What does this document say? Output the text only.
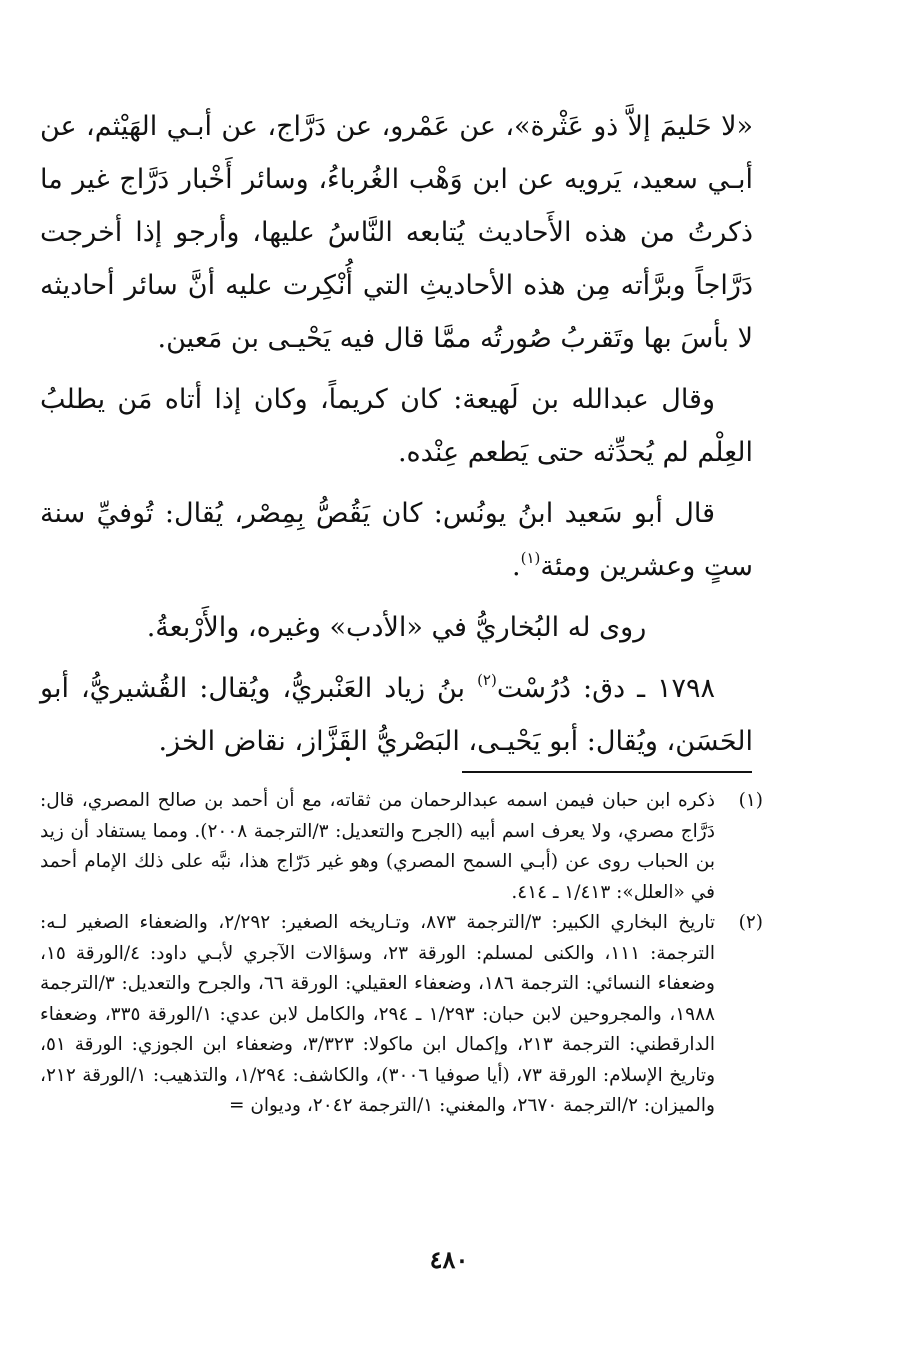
«لا حَليمَ إلاَّ ذو عَثْرة»، عن عَمْرو، عن دَرَّاج، عن أبـي الهَيْثم، عن أبـي سعيد، يَرويه عن ابن وَهْب الغُرباءُ، وسائر أَخْبار دَرَّاج غير ما ذكرتُ من هذه الأَحاديث يُتابعه النَّاسُ عليها، وأرجو إذا أخرجت دَرَّاجاً وبرَّأته مِن هذه الأحاديثِ التي أُنْكِرت عليه أنَّ سائر أحاديثه لا بأسَ بها وتَقربُ صُورتُه ممَّا قال فيه يَحْيـى بن مَعين.

وقال عبدالله بن لَهيعة: كان كريماً، وكان إذا أتاه مَن يطلبُ العِلْم لم يُحدِّثه حتى يَطعم عِنْده.

قال أبو سَعيد ابنُ يونُس: كان يَقُصُّ بِمِصْر، يُقال: تُوفيِّ سنة ستٍ وعشرين ومئة$^{(١)}$.

روى له البُخاريُّ في «الأدب» وغيره، والأَرْبعةُ.

١٧٩٨ ـ دق: دُرُسْت$^{(٢)}$ بنُ زياد العَنْبريُّ، ويُقال: القُشيريُّ، أبو الحَسَن، ويُقال: أبو يَحْيـى، البَصْريُّ القَزَّاز، نقاض الخز.

(١)
ذكره ابن حبان فيمن اسمه عبدالرحمان من ثقاته، مع أن أحمد بن صالح المصري، قال: دَرَّاج مصري، ولا يعرف اسم أبيه (الجرح والتعديل: ٣/الترجمة ٢٠٠٨). ومما يستفاد أن زيد بن الحباب روى عن (أبـي السمح المصري) وهو غير دَرّاج هذا، نبَّه على ذلك الإمام أحمد في «العلل»: ١/٤١٣ ـ ٤١٤.
(٢)
تاريخ البخاري الكبير: ٣/الترجمة ٨٧٣، وتـاريخه الصغير: ٢/٢٩٢، والضعفاء الصغير لـه: الترجمة: ١١١، والكنى لمسلم: الورقة ٢٣، وسؤالات الآجري لأبـي داود: ٤/الورقة ١٥، وضعفاء النسائي: الترجمة ١٨٦، وضعفاء العقيلي: الورقة ٦٦، والجرح والتعديل: ٣/الترجمة ١٩٨٨، والمجروحين لابن حبان: ١/٢٩٣ ـ ٢٩٤، والكامل لابن عدي: ١/الورقة ٣٣٥، وضعفاء الدارقطني: الترجمة ٢١٣، وإكمال ابن ماكولا: ٣/٣٢٣، وضعفاء ابن الجوزي: الورقة ٥١، وتاريخ الإسلام: الورقة ٧٣، (أيا صوفيا ٣٠٠٦)، والكاشف: ١/٢٩٤، والتذهيب: ١/الورقة ٢١٢، والميزان: ٢/الترجمة ٢٦٧٠، والمغني: ١/الترجمة ٢٠٤٢، وديوان =
٤٨٠
